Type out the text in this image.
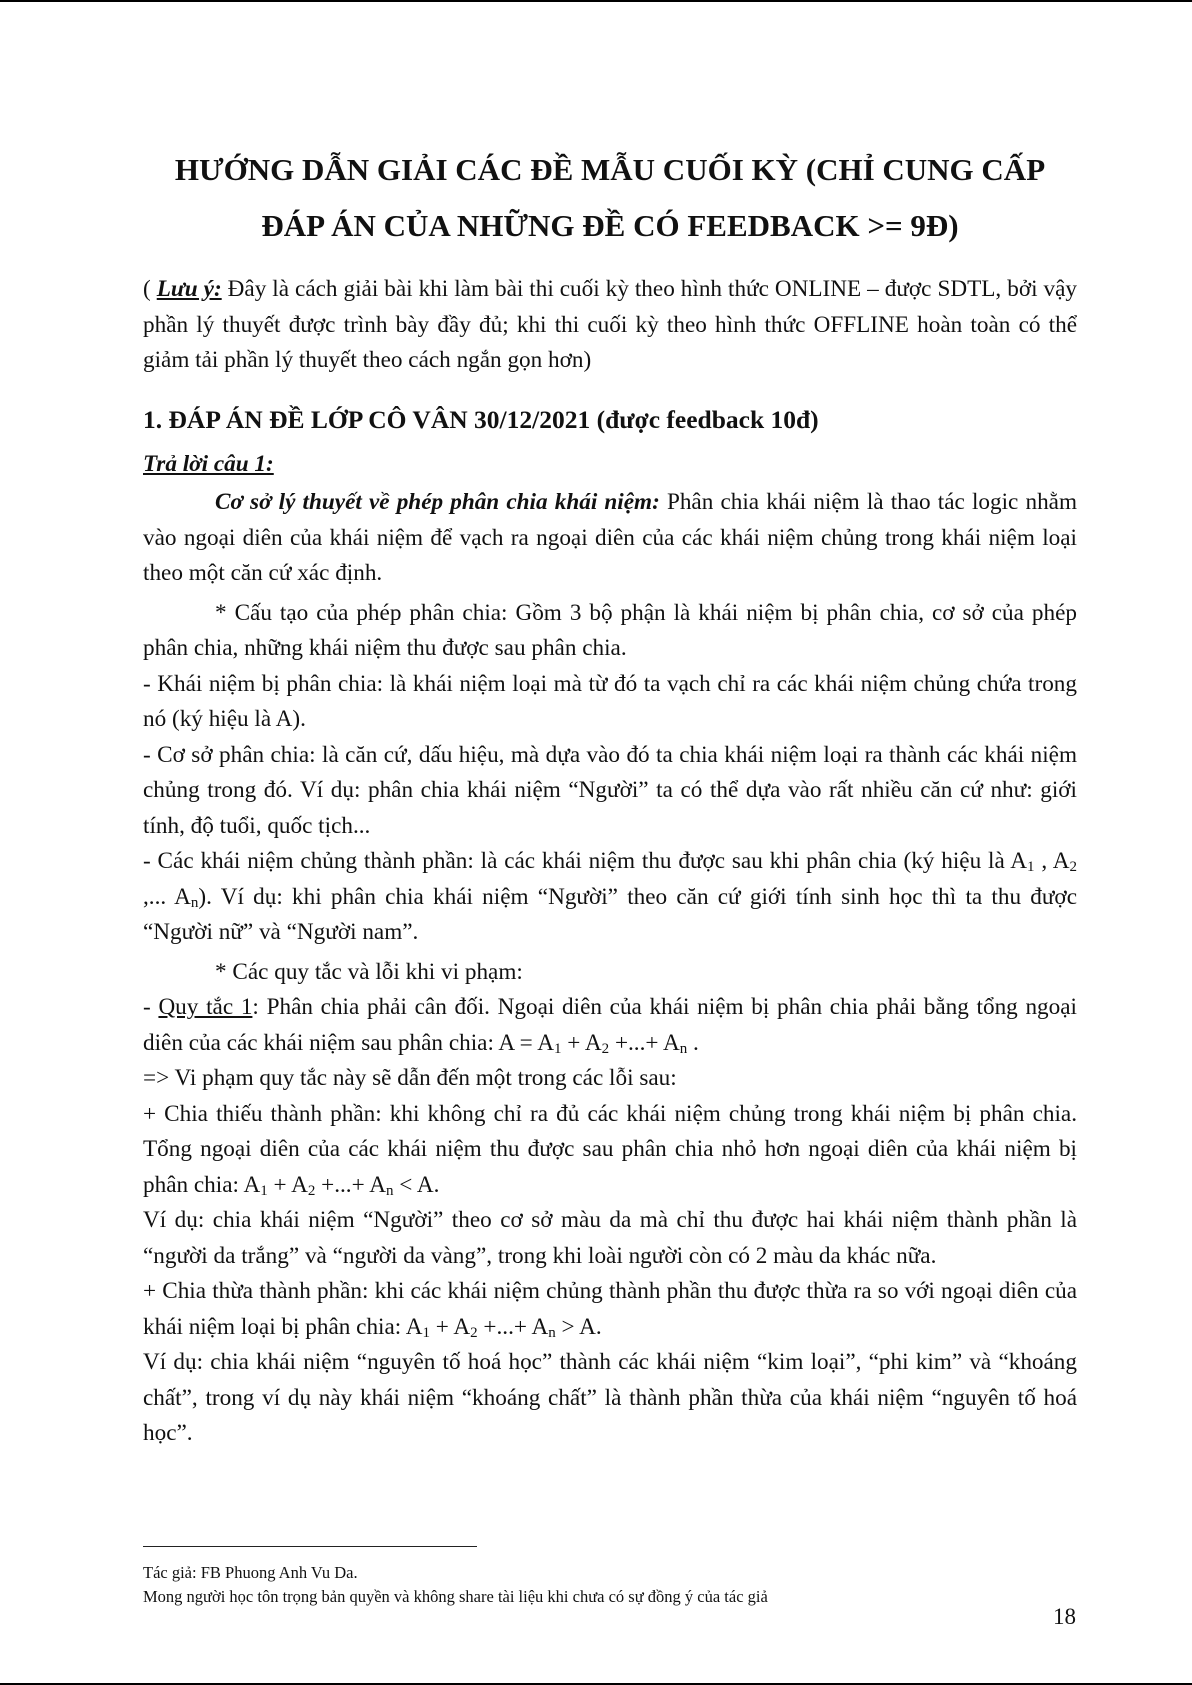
HƯỚNG DẪN GIẢI CÁC ĐỀ MẪU CUỐI KỲ (CHỈ CUNG CẤP
ĐÁP ÁN CỦA NHỮNG ĐỀ CÓ FEEDBACK >= 9Đ)

( Lưu ý: Đây là cách giải bài khi làm bài thi cuối kỳ theo hình thức ONLINE – được SDTL, bởi vậy phần lý thuyết được trình bày đầy đủ; khi thi cuối kỳ theo hình thức OFFLINE hoàn toàn có thể giảm tải phần lý thuyết theo cách ngắn gọn hơn)

1. ĐÁP ÁN ĐỀ LỚP CÔ VÂN 30/12/2021 (được feedback 10đ)
Trả lời câu 1:

Cơ sở lý thuyết về phép phân chia khái niệm: Phân chia khái niệm là thao tác logic nhằm vào ngoại diên của khái niệm để vạch ra ngoại diên của các khái niệm chủng trong khái niệm loại theo một căn cứ xác định.

* Cấu tạo của phép phân chia: Gồm 3 bộ phận là khái niệm bị phân chia, cơ sở của phép phân chia, những khái niệm thu được sau phân chia.

- Khái niệm bị phân chia: là khái niệm loại mà từ đó ta vạch chỉ ra các khái niệm chủng chứa trong nó (ký hiệu là A).

- Cơ sở phân chia: là căn cứ, dấu hiệu, mà dựa vào đó ta chia khái niệm loại ra thành các khái niệm chủng trong đó. Ví dụ: phân chia khái niệm “Người” ta có thể dựa vào rất nhiều căn cứ như: giới tính, độ tuổi, quốc tịch...

- Các khái niệm chủng thành phần: là các khái niệm thu được sau khi phân chia (ký hiệu là $A_1$ , $A_2$ ,... $A_n$). Ví dụ: khi phân chia khái niệm “Người” theo căn cứ giới tính sinh học thì ta thu được “Người nữ” và “Người nam”.

* Các quy tắc và lỗi khi vi phạm:

- Quy tắc 1: Phân chia phải cân đối. Ngoại diên của khái niệm bị phân chia phải bằng tổng ngoại diên của các khái niệm sau phân chia: $A = A_1 + A_2$ +...+ $A_n$ .

=> Vi phạm quy tắc này sẽ dẫn đến một trong các lỗi sau:

+ Chia thiếu thành phần: khi không chỉ ra đủ các khái niệm chủng trong khái niệm bị phân chia. Tổng ngoại diên của các khái niệm thu được sau phân chia nhỏ hơn ngoại diên của khái niệm bị phân chia: $A_1 + A_2$ +...+ $A_n < A$.

Ví dụ: chia khái niệm “Người” theo cơ sở màu da mà chỉ thu được hai khái niệm thành phần là “người da trắng” và “người da vàng”, trong khi loài người còn có 2 màu da khác nữa.

+ Chia thừa thành phần: khi các khái niệm chủng thành phần thu được thừa ra so với ngoại diên của khái niệm loại bị phân chia: $A_1 + A_2$ +...+ $A_n > A$.

Ví dụ: chia khái niệm “nguyên tố hoá học” thành các khái niệm “kim loại”, “phi kim” và “khoáng chất”, trong ví dụ này khái niệm “khoáng chất” là thành phần thừa của khái niệm “nguyên tố hoá học”.

Tác giả: FB Phuong Anh Vu Da.
Mong người học tôn trọng bản quyền và không share tài liệu khi chưa có sự đồng ý của tác giả
18
